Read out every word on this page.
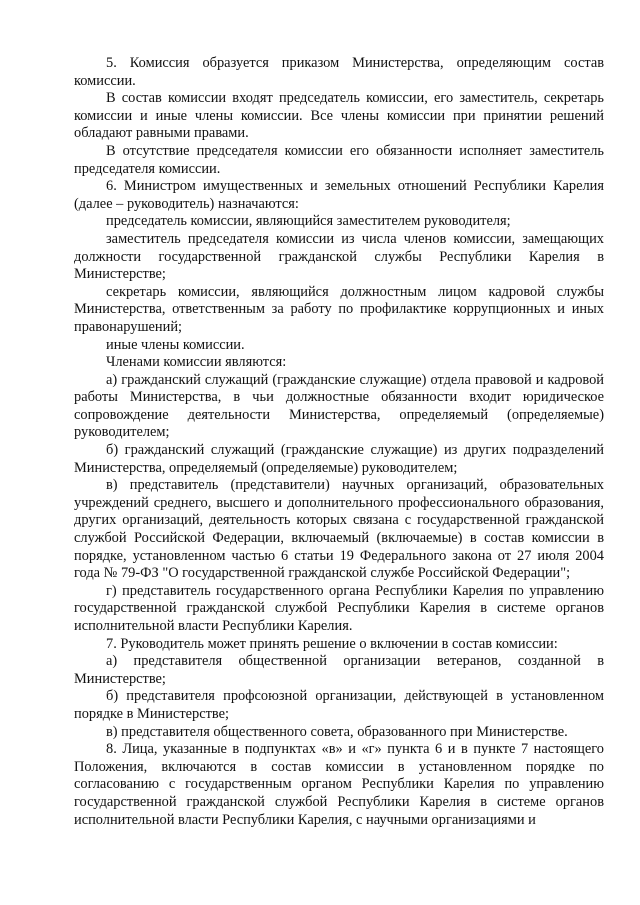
5. Комиссия образуется приказом Министерства, определяющим состав комиссии.

В состав комиссии входят председатель комиссии, его заместитель, секретарь комиссии и иные члены комиссии. Все члены комиссии при принятии решений обладают равными правами.

В отсутствие председателя комиссии его обязанности исполняет заместитель председателя комиссии.

6. Министром имущественных и земельных отношений Республики Карелия (далее – руководитель) назначаются:

председатель комиссии, являющийся заместителем руководителя;

заместитель председателя комиссии из числа членов комиссии, замещающих должности государственной гражданской службы Республики Карелия в Министерстве;

секретарь комиссии, являющийся должностным лицом кадровой службы Министерства, ответственным за работу по профилактике коррупционных и иных правонарушений;

иные члены комиссии.

Членами комиссии являются:

а) гражданский служащий (гражданские служащие) отдела правовой и кадровой работы Министерства, в чьи должностные обязанности входит юридическое сопровождение деятельности Министерства, определяемый (определяемые) руководителем;

б) гражданский служащий (гражданские служащие) из других подразделений Министерства, определяемый (определяемые) руководителем;

в) представитель (представители) научных организаций, образовательных учреждений среднего, высшего и дополнительного профессионального образования, других организаций, деятельность которых связана с государственной гражданской службой Российской Федерации, включаемый (включаемые) в состав комиссии в порядке, установленном частью 6 статьи 19 Федерального закона от 27 июля 2004 года № 79-ФЗ "О государственной гражданской службе Российской Федерации";

г) представитель государственного органа Республики Карелия по управлению государственной гражданской службой Республики Карелия в системе органов исполнительной власти Республики Карелия.

7. Руководитель может принять решение о включении в состав комиссии:

а) представителя общественной организации ветеранов, созданной в Министерстве;

б) представителя профсоюзной организации, действующей в установленном порядке в Министерстве;

в) представителя общественного совета, образованного при Министерстве.

8. Лица, указанные в подпунктах «в» и «г» пункта 6 и в пункте 7 настоящего Положения, включаются в состав комиссии в установленном порядке по согласованию с государственным органом Республики Карелия по управлению государственной гражданской службой Республики Карелия в системе органов исполнительной власти Республики Карелия, с научными организациями и
